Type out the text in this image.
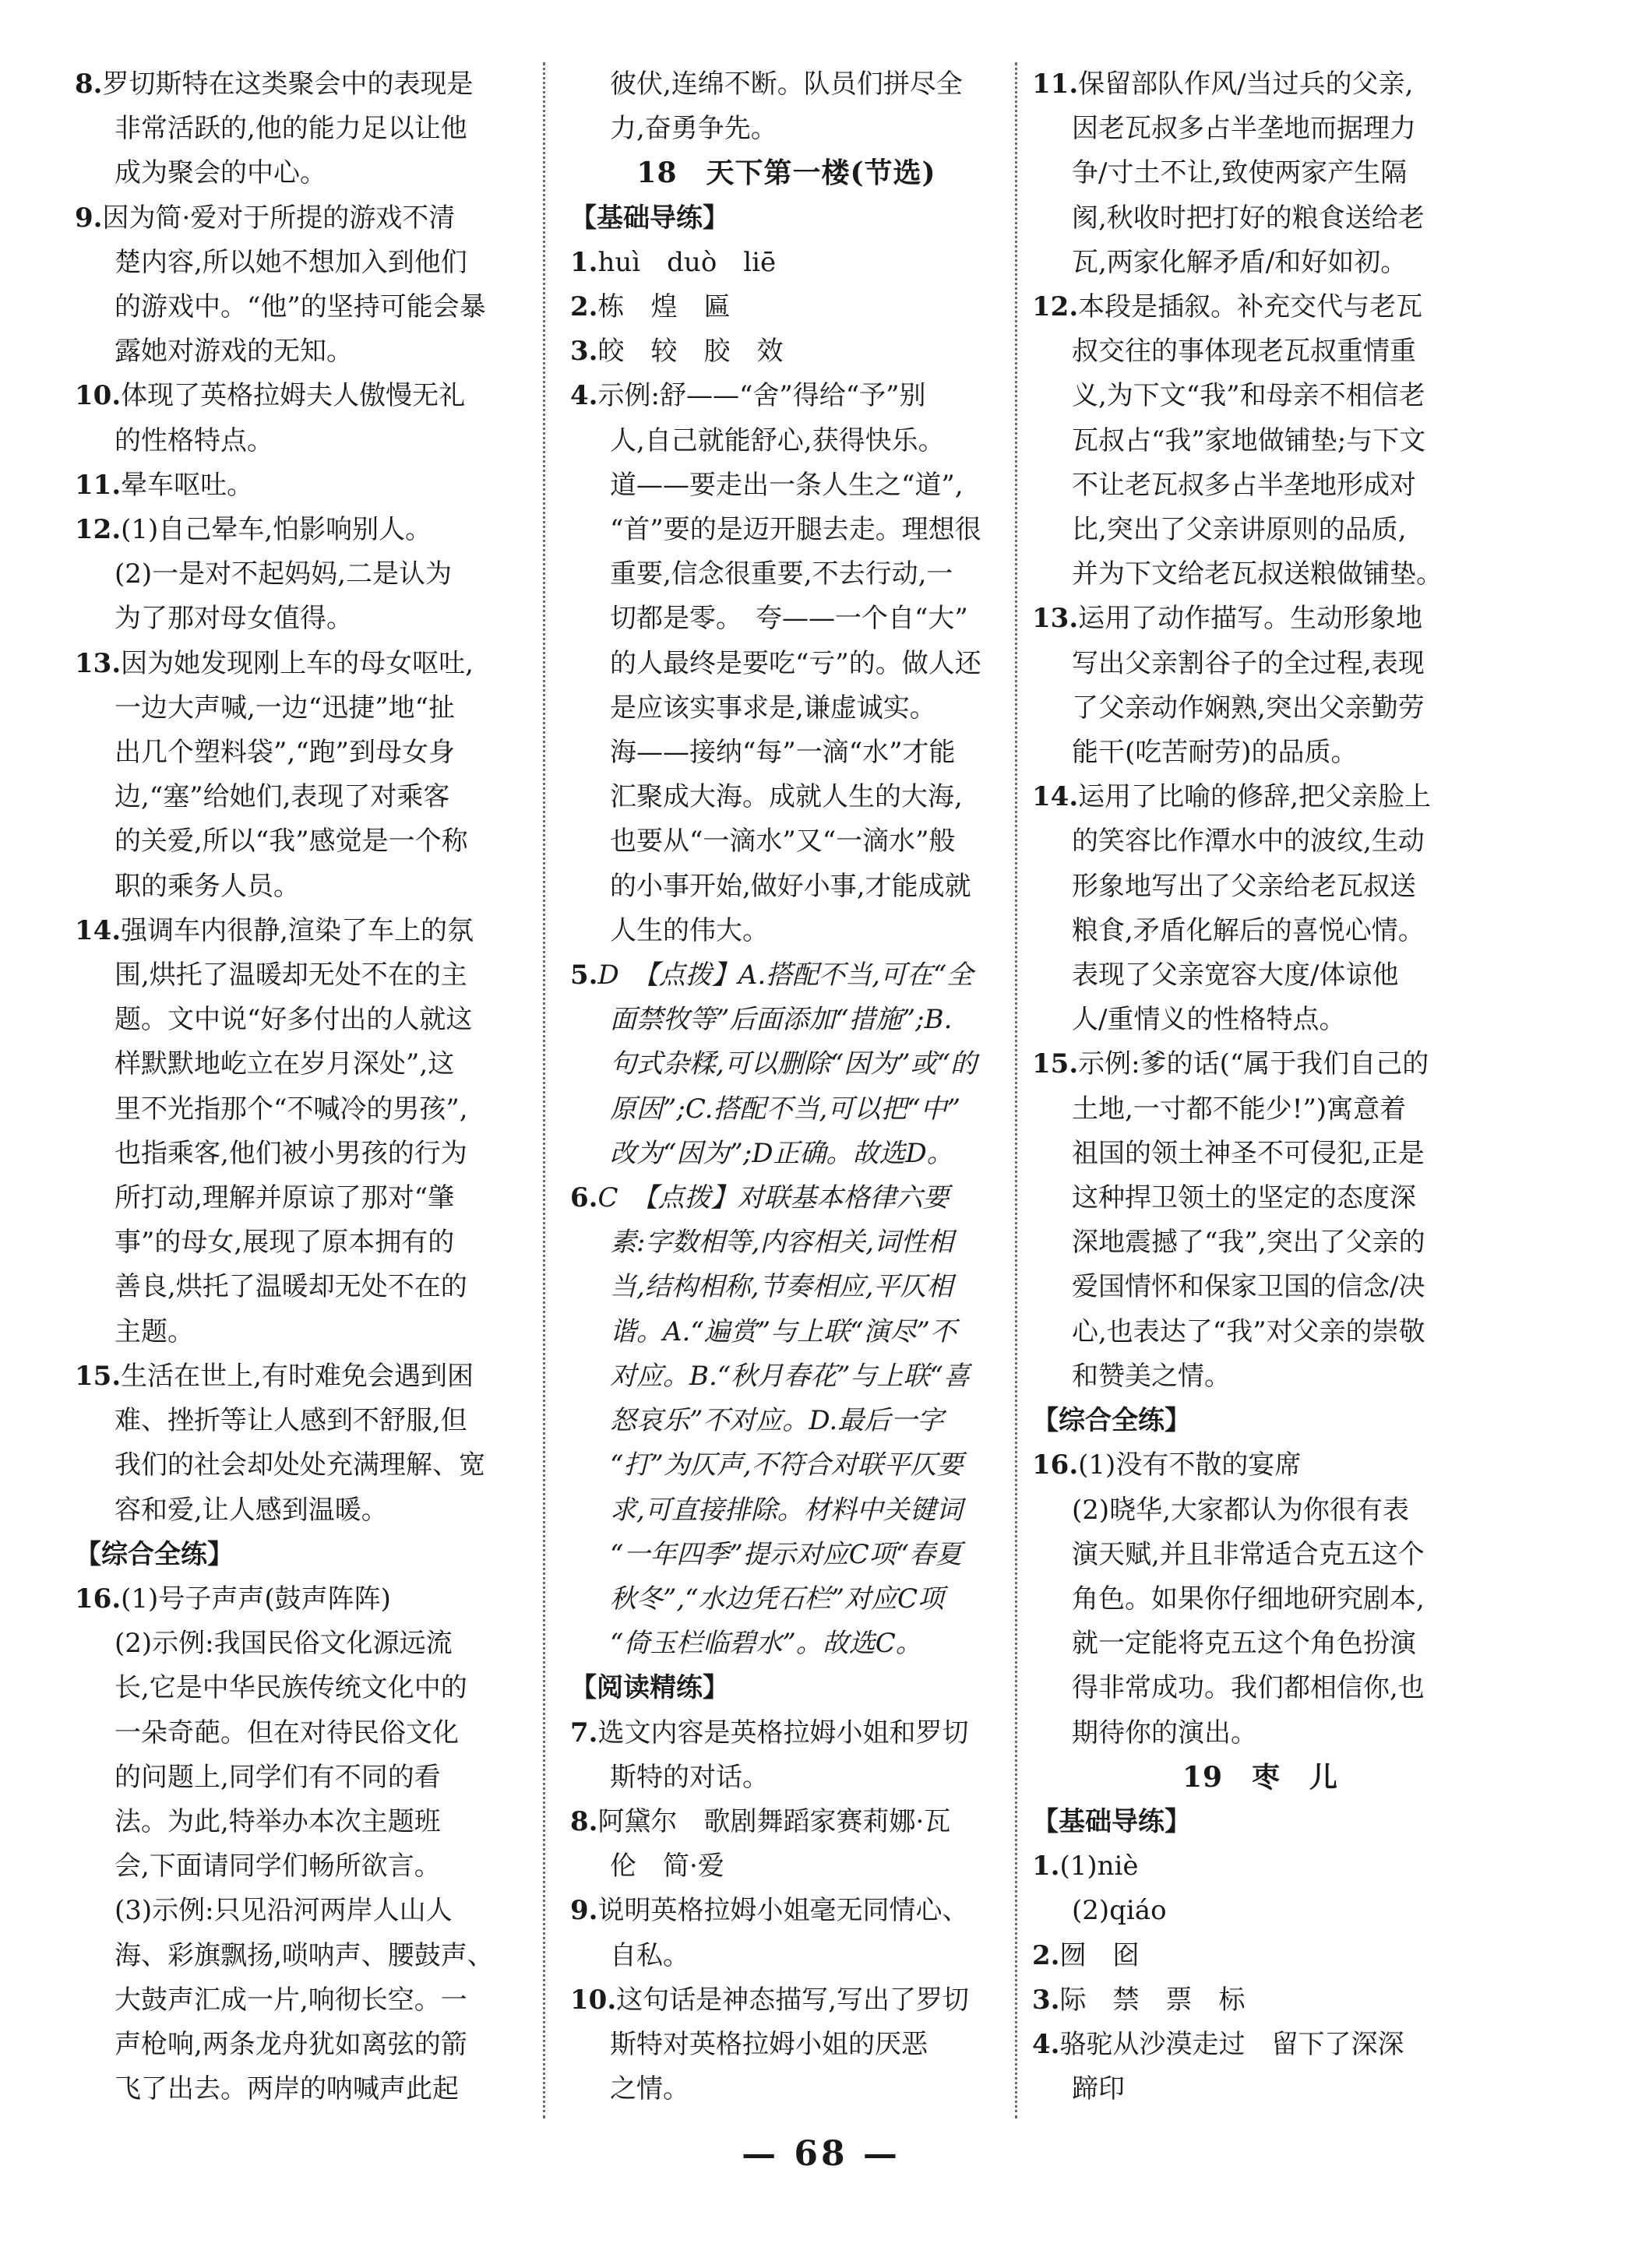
8.罗切斯特在这类聚会中的表现是
非常活跃的,他的能力足以让他
成为聚会的中心。
9.因为简·爱对于所提的游戏不清
楚内容,所以她不想加入到他们
的游戏中。“他”的坚持可能会暴
露她对游戏的无知。
10.体现了英格拉姆夫人傲慢无礼
的性格特点。
11.晕车呕吐。
12.(1)自己晕车,怕影响别人。
(2)一是对不起妈妈,二是认为
为了那对母女值得。
13.因为她发现刚上车的母女呕吐,
一边大声喊,一边“迅捷”地“扯
出几个塑料袋”,“跑”到母女身
边,“塞”给她们,表现了对乘客
的关爱,所以“我”感觉是一个称
职的乘务人员。
14.强调车内很静,渲染了车上的氛
围,烘托了温暖却无处不在的主
题。文中说“好多付出的人就这
样默默地屹立在岁月深处”,这
里不光指那个“不喊冷的男孩”,
也指乘客,他们被小男孩的行为
所打动,理解并原谅了那对“肇
事”的母女,展现了原本拥有的
善良,烘托了温暖却无处不在的
主题。
15.生活在世上,有时难免会遇到困
难、挫折等让人感到不舒服,但
我们的社会却处处充满理解、宽
容和爱,让人感到温暖。
【综合全练】
16.(1)号子声声(鼓声阵阵)
(2)示例:我国民俗文化源远流
长,它是中华民族传统文化中的
一朵奇葩。但在对待民俗文化
的问题上,同学们有不同的看
法。为此,特举办本次主题班
会,下面请同学们畅所欲言。
(3)示例:只见沿河两岸人山人
海、彩旗飘扬,唢呐声、腰鼓声、
大鼓声汇成一片,响彻长空。一
声枪响,两条龙舟犹如离弦的箭
飞了出去。两岸的呐喊声此起
彼伏,连绵不断。队员们拼尽全
力,奋勇争先。
18　天下第一楼(节选)
【基础导练】
1.huì　duò　liē
2.栋　煌　匾
3.皎　较　胶　效
4.示例:舒——“舍”得给“予”别
人,自己就能舒心,获得快乐。
道——要走出一条人生之“道”,
“首”要的是迈开腿去走。理想很
重要,信念很重要,不去行动,一
切都是零。　夸——一个自“大”
的人最终是要吃“亏”的。做人还
是应该实事求是,谦虚诚实。
海——接纳“每”一滴“水”才能
汇聚成大海。成就人生的大海,
也要从“一滴水”又“一滴水”般
的小事开始,做好小事,才能成就
人生的伟大。
5.D　【点拨】A.搭配不当,可在“全
面禁牧等”后面添加“措施”;B.
句式杂糅,可以删除“因为”或“的
原因”;C.搭配不当,可以把“中”
改为“因为”;D正确。故选D。
6.C　【点拨】对联基本格律六要
素:字数相等,内容相关,词性相
当,结构相称,节奏相应,平仄相
谐。A.“遍赏”与上联“演尽”不
对应。B.“秋月春花”与上联“喜
怒哀乐”不对应。D.最后一字
“打”为仄声,不符合对联平仄要
求,可直接排除。材料中关键词
“一年四季”提示对应C项“春夏
秋冬”,“水边凭石栏”对应C项
“倚玉栏临碧水”。故选C。
【阅读精练】
7.选文内容是英格拉姆小姐和罗切
斯特的对话。
8.阿黛尔　歌剧舞蹈家赛莉娜·瓦
伦　简·爱
9.说明英格拉姆小姐毫无同情心、
自私。
10.这句话是神态描写,写出了罗切
斯特对英格拉姆小姐的厌恶
之情。
11.保留部队作风/当过兵的父亲,
因老瓦叔多占半垄地而据理力
争/寸土不让,致使两家产生隔
阂,秋收时把打好的粮食送给老
瓦,两家化解矛盾/和好如初。
12.本段是插叙。补充交代与老瓦
叔交往的事体现老瓦叔重情重
义,为下文“我”和母亲不相信老
瓦叔占“我”家地做铺垫;与下文
不让老瓦叔多占半垄地形成对
比,突出了父亲讲原则的品质,
并为下文给老瓦叔送粮做铺垫。
13.运用了动作描写。生动形象地
写出父亲割谷子的全过程,表现
了父亲动作娴熟,突出父亲勤劳
能干(吃苦耐劳)的品质。
14.运用了比喻的修辞,把父亲脸上
的笑容比作潭水中的波纹,生动
形象地写出了父亲给老瓦叔送
粮食,矛盾化解后的喜悦心情。
表现了父亲宽容大度/体谅他
人/重情义的性格特点。
15.示例:爹的话(“属于我们自己的
土地,一寸都不能少!”)寓意着
祖国的领土神圣不可侵犯,正是
这种捍卫领土的坚定的态度深
深地震撼了“我”,突出了父亲的
爱国情怀和保家卫国的信念/决
心,也表达了“我”对父亲的崇敬
和赞美之情。
【综合全练】
16.(1)没有不散的宴席
(2)晓华,大家都认为你很有表
演天赋,并且非常适合克五这个
角色。如果你仔细地研究剧本,
就一定能将克五这个角色扮演
得非常成功。我们都相信你,也
期待你的演出。
19　枣　儿
【基础导练】
1.(1)niè
(2)qiáo
2.囫　囵
3.际　禁　票　标
4.骆驼从沙漠走过　留下了深深
蹄印
— 68 —
